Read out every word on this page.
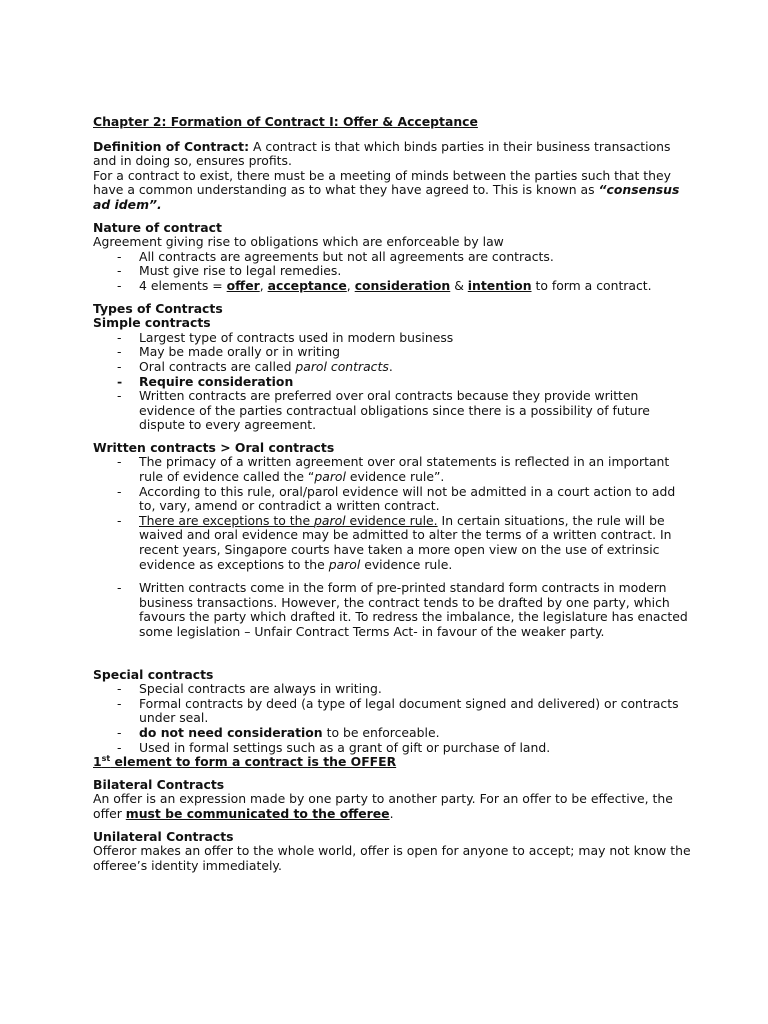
Chapter 2: Formation of Contract I: Offer & Acceptance

Definition of Contract: A contract is that which binds parties in their business transactions and in doing so, ensures profits.

For a contract to exist, there must be a meeting of minds between the parties such that they have a common understanding as to what they have agreed to. This is known as “consensus ad idem”.

Nature of contract

Agreement giving rise to obligations which are enforceable by law

- All contracts are agreements but not all agreements are contracts.
- Must give rise to legal remedies.
- 4 elements = offer, acceptance, consideration & intention to form a contract.

Types of Contracts

Simple contracts

- Largest type of contracts used in modern business
- May be made orally or in writing
- Oral contracts are called parol contracts.
- Require consideration
- Written contracts are preferred over oral contracts because they provide written evidence of the parties contractual obligations since there is a possibility of future dispute to every agreement.

Written contracts > Oral contracts

- The primacy of a written agreement over oral statements is reflected in an important rule of evidence called the “parol evidence rule”.
- According to this rule, oral/parol evidence will not be admitted in a court action to add to, vary, amend or contradict a written contract.
- There are exceptions to the parol evidence rule. In certain situations, the rule will be waived and oral evidence may be admitted to alter the terms of a written contract. In recent years, Singapore courts have taken a more open view on the use of extrinsic evidence as exceptions to the parol evidence rule.
- Written contracts come in the form of pre-printed standard form contracts in modern business transactions. However, the contract tends to be drafted by one party, which favours the party which drafted it. To redress the imbalance, the legislature has enacted some legislation – Unfair Contract Terms Act- in favour of the weaker party.

Special contracts

- Special contracts are always in writing.
- Formal contracts by deed (a type of legal document signed and delivered) or contracts under seal.
- do not need consideration to be enforceable.
- Used in formal settings such as a grant of gift or purchase of land.

1st element to form a contract is the OFFER

Bilateral Contracts

An offer is an expression made by one party to another party. For an offer to be effective, the offer must be communicated to the offeree.

Unilateral Contracts

Offeror makes an offer to the whole world, offer is open for anyone to accept; may not know the offeree’s identity immediately.
